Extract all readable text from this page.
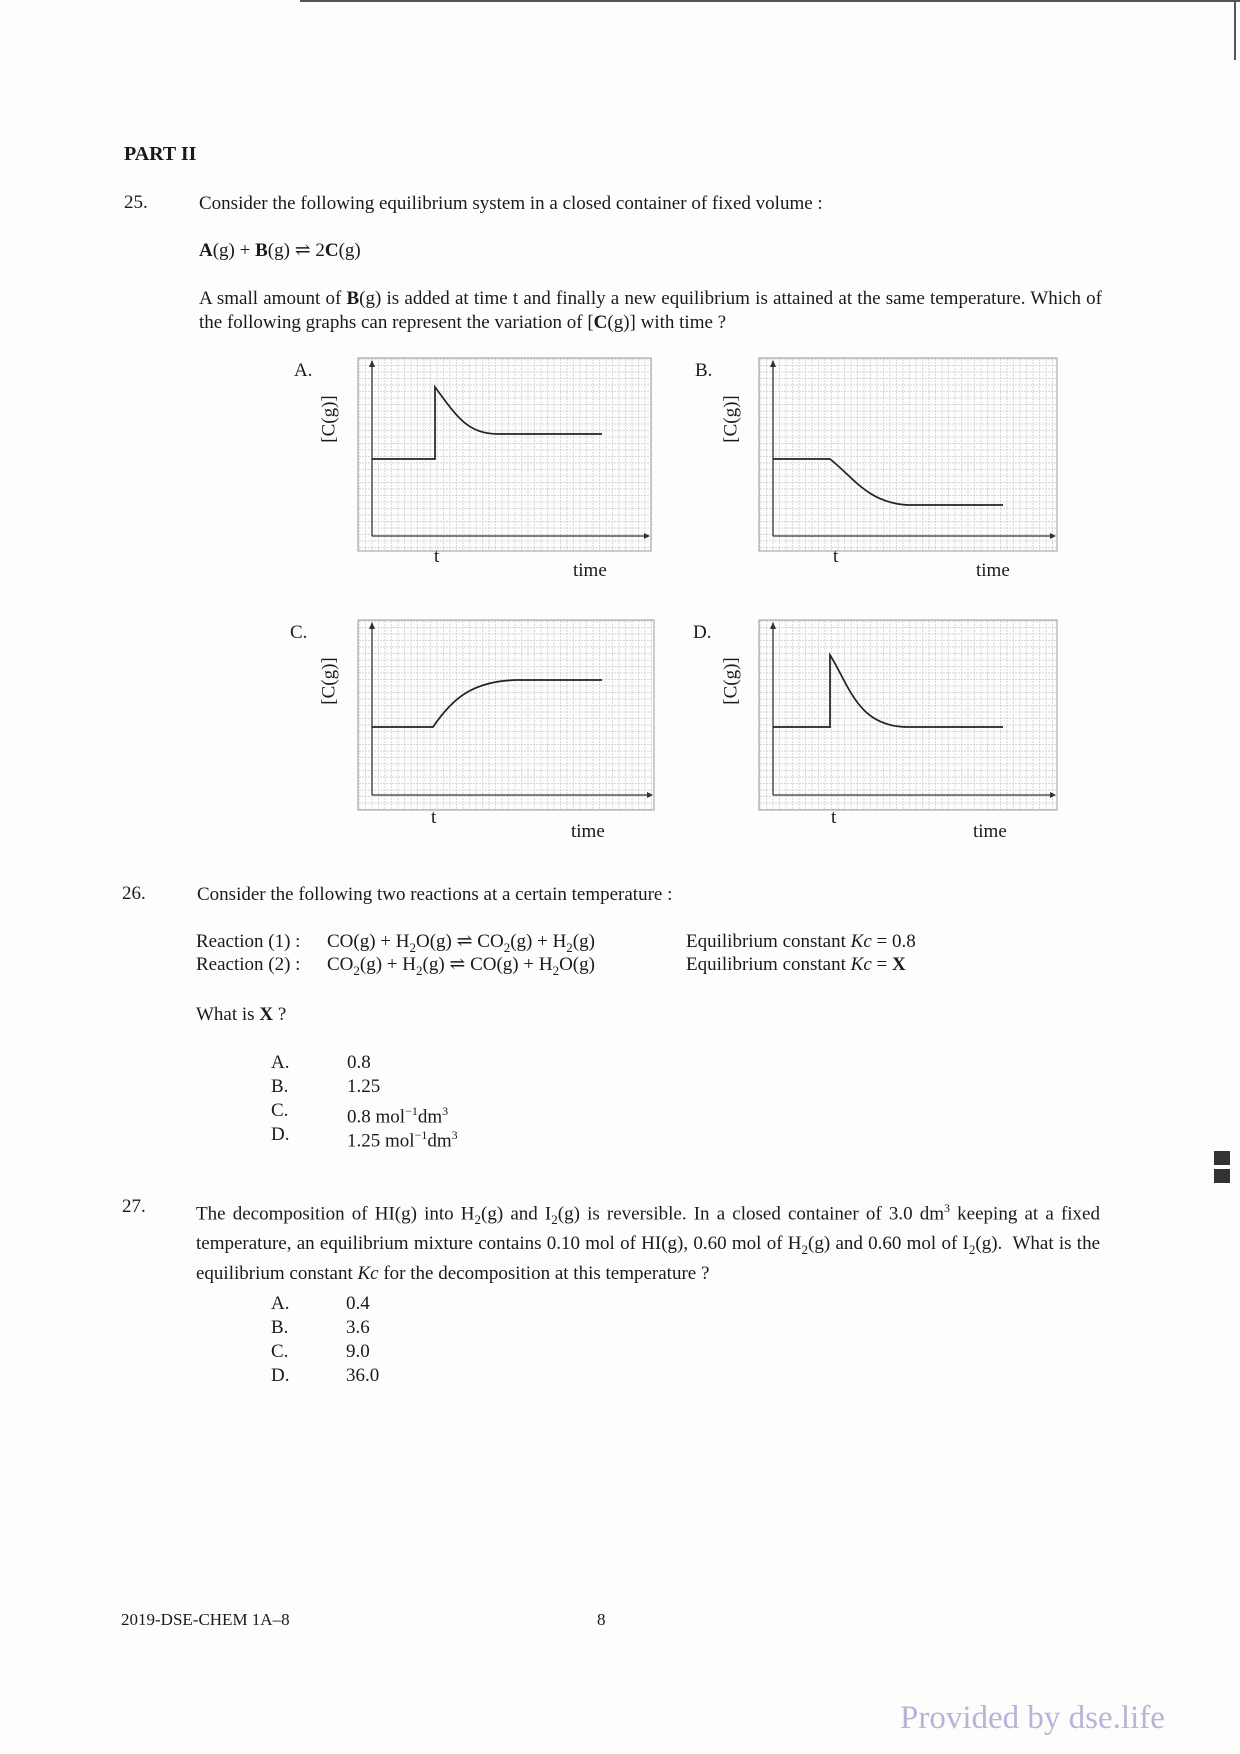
PART II
25.	Consider the following equilibrium system in a closed container of fixed volume :
A(g) + B(g) ⇌ 2C(g)
A small amount of B(g) is added at time t and finally a new equilibrium is attained at the same temperature. Which of the following graphs can represent the variation of [C(g)] with time ?
A.	B.
C.	D.
[C(g)]	[C(g)]
[C(g)]	[C(g)]
t
time
t
time
t
time
t
time
26.	Consider the following two reactions at a certain temperature :
Reaction (1) : $CO(g) + H_2O(g)$ ⇌ $CO_2(g) + H_2(g)$	Equilibrium constant Kc = 0.8
Reaction (2) : $CO_2(g) + H_2(g)$ ⇌ $CO(g) + H_2O(g)$	Equilibrium constant Kc = X
What is X ?
A.	0.8
B.	1.25
C.	0.8 $mol^{-1}dm^3$
D.	1.25 $mol^{-1}dm^3$
27.	The decomposition of HI(g) into $H_2(g)$ and $I_2(g)$ is reversible. In a closed container of 3.0 $dm^3$ keeping at a fixed temperature, an equilibrium mixture contains 0.10 mol of HI(g), 0.60 mol of $H_2(g)$ and 0.60 mol of $I_2(g)$.  What is the equilibrium constant Kc for the decomposition at this temperature ?
A.	0.4
B.	3.6
C.	9.0
D.	36.0
2019-DSE-CHEM 1A–8	8
Provided by dse.life
